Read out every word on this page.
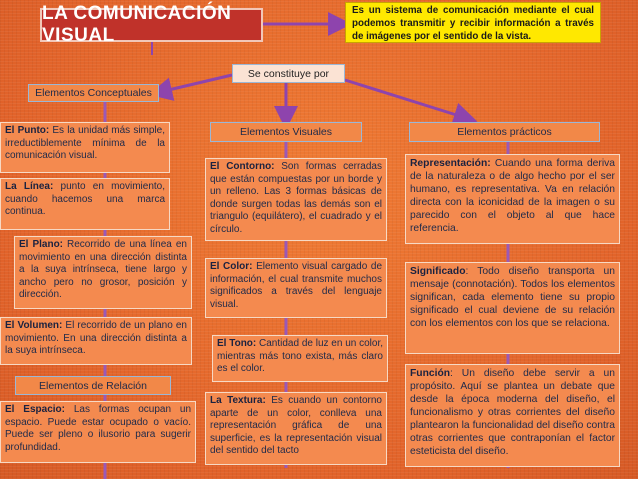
LA COMUNICACIÓN VISUAL
Es un sistema de comunicación mediante el cual podemos transmitir y recibir información a través de imágenes por el sentido de la vista.
Se constituye por
Elementos Conceptuales
Elementos Visuales	Elementos prácticos
Elementos de Relación
El Punto: Es la unidad más simple, irreductiblemente mínima de la comunicación visual.
La Línea: punto en movimiento, cuando hacemos una marca continua.
El Plano: Recorrido de una línea en movimiento en una dirección distinta a la suya intrínseca, tiene largo y ancho pero no grosor, posición y dirección.
El Volumen: El recorrido de un plano en movimiento. En una dirección distinta a la suya intrínseca.
El Espacio: Las formas ocupan un espacio. Puede estar ocupado o vacío. Puede ser pleno o ilusorio para sugerir profundidad.
El Contorno: Son formas cerradas que están compuestas por un borde y un relleno. Las 3 formas básicas de donde surgen todas las demás son el triangulo (equilátero), el cuadrado y el círculo.
El Color: Elemento visual cargado de información, el cual transmite muchos significados a través del lenguaje visual.
El Tono: Cantidad de luz en un color, mientras más tono exista, más claro es el color.
La Textura: Es cuando un contorno aparte de un color, conlleva una representación gráfica de una superficie, es la representación visual del sentido del tacto
Representación: Cuando una forma deriva de la naturaleza o de algo hecho por el ser humano, es representativa. Va en relación directa con la iconicidad de la imagen o su parecido con el objeto al que hace referencia.
Significado: Todo diseño transporta un mensaje (connotación). Todos los elementos significan, cada elemento tiene su propio significado el cual deviene de su relación con los elementos con los que se relaciona.
Función: Un diseño debe servir a un propósito. Aquí se plantea un debate que desde la época moderna del diseño, el funcionalismo y otras corrientes del diseño plantearon la funcionalidad del diseño contra otras corrientes que contraponían el factor esteticista del diseño.
